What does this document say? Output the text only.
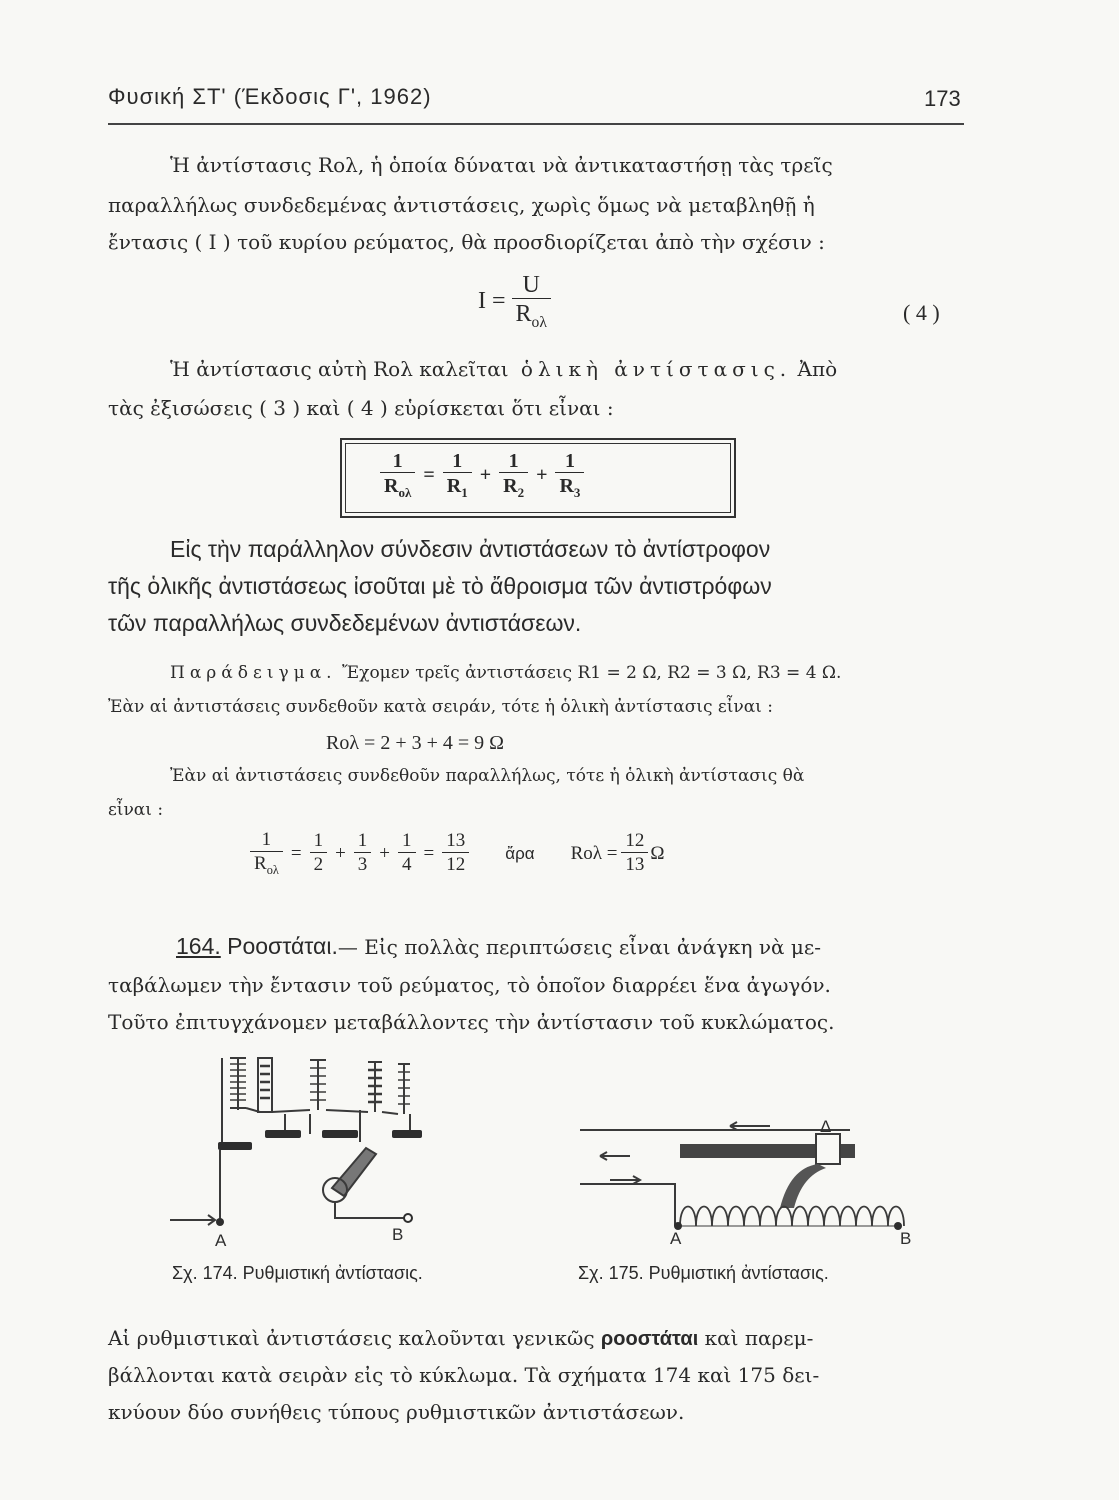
Φυσική ΣΤ' (Έκδοσις Γ', 1962)	173
Ἡ ἀντίστασις Rολ, ἡ ὁποία δύναται νὰ ἀντικαταστήσῃ τὰς τρεῖς
παραλλήλως συνδεδεμένας ἀντιστάσεις, χωρὶς ὅμως νὰ μεταβληθῇ ἡ
ἔντασις ( I ) τοῦ κυρίου ρεύματος, θὰ προσδιορίζεται ἀπὸ τὴν σχέσιν :
$I = \frac{U}{R_{o\lambda}}$	( 4 )
Ἡ ἀντίστασις αὐτὴ Rολ καλεῖται ὁλικὴ ἀντίστασις. Ἀπὸ
τὰς ἐξισώσεις ( 3 ) καὶ ( 4 ) εὑρίσκεται ὅτι εἶναι :
$\frac{1}{R_{o\lambda}} = \frac{1}{R_1} + \frac{1}{R_2} + \frac{1}{R_3}$
Εἰς τὴν παράλληλον σύνδεσιν ἀντιστάσεων τὸ ἀντίστροφον
τῆς ὁλικῆς ἀντιστάσεως ἰσοῦται μὲ τὸ ἄθροισμα τῶν ἀντιστρόφων
τῶν παραλλήλως συνδεδεμένων ἀντιστάσεων.
Παράδειγμα. Ἔχομεν τρεῖς ἀντιστάσεις R1 = 2 Ω, R2 = 3 Ω, R3 = 4 Ω.
Ἐὰν αἱ ἀντιστάσεις συνδεθοῦν κατὰ σειράν, τότε ἡ ὁλικὴ ἀντίστασις εἶναι :
Rολ = 2 + 3 + 4 = 9 Ω
Ἐὰν αἱ ἀντιστάσεις συνδεθοῦν παραλλήλως, τότε ἡ ὁλικὴ ἀντίστασις θὰ
εἶναι :
$\frac{1}{R_{o\lambda}} = \frac{1}{2} + \frac{1}{3} + \frac{1}{4} = \frac{13}{12}$ ἄρα $Ro\lambda = \frac{12}{13}$ Ω
164. Ροοστάται.— Εἰς πολλὰς περιπτώσεις εἶναι ἀνάγκη νὰ με-
ταβάλωμεν τὴν ἔντασιν τοῦ ρεύματος, τὸ ὁποῖον διαρρέει ἕνα ἀγωγόν.
Τοῦτο ἐπιτυγχάνομεν μεταβάλλοντες τὴν ἀντίστασιν τοῦ κυκλώματος.
A	B
Σχ. 174. Ρυθμιστική ἀντίστασις.
A	B
Δ
Σχ. 175. Ρυθμιστική ἀντίστασις.
Αἱ ρυθμιστικαὶ ἀντιστάσεις καλοῦνται γενικῶς ροοστάται καὶ παρεμ-
βάλλονται κατὰ σειρὰν εἰς τὸ κύκλωμα. Τὰ σχήματα 174 καὶ 175 δει-
κνύουν δύο συνήθεις τύπους ρυθμιστικῶν ἀντιστάσεων.
